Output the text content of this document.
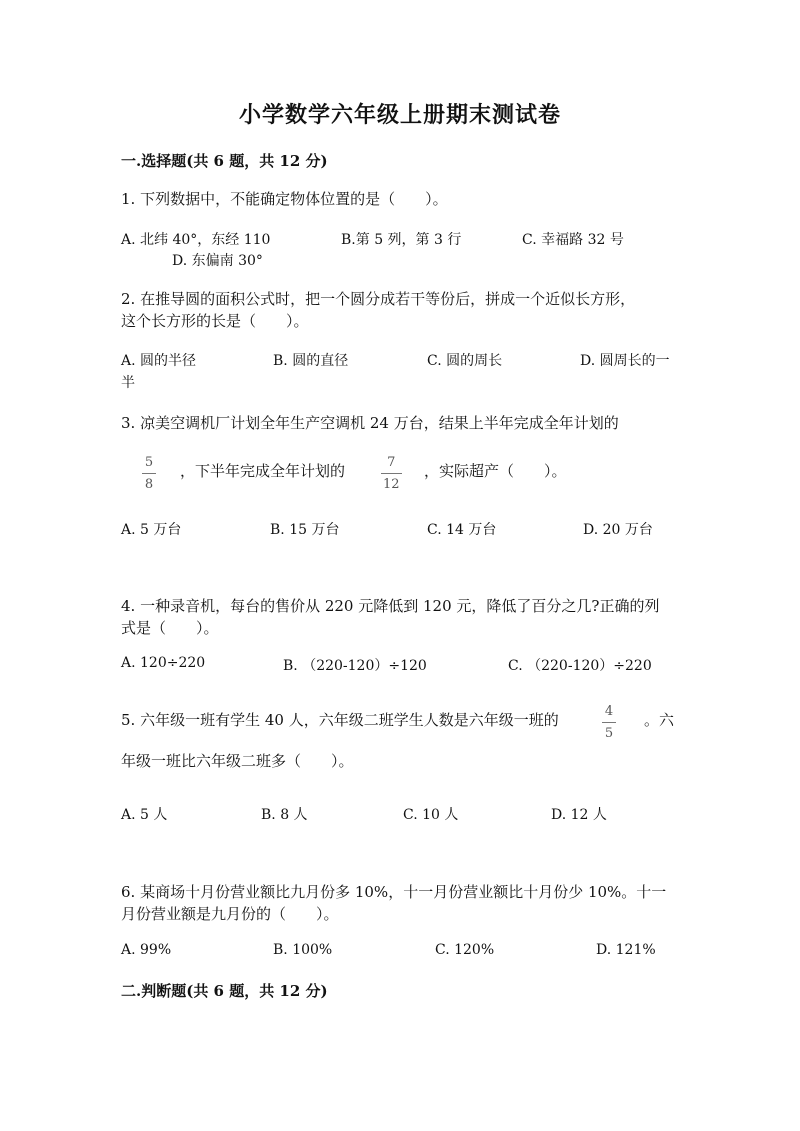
小学数学六年级上册期末测试卷
一.选择题(共 6 题，共 12 分)
1. 下列数据中，不能确定物体位置的是（　　）。
A. 北纬 40°，东经 110	B.第 5 列，第 3 行	C. 幸福路 32 号
D. 东偏南 30°
2. 在推导圆的面积公式时，把一个圆分成若干等份后，拼成一个近似长方形，
这个长方形的长是（　　）。
A. 圆的半径	B. 圆的直径	C. 圆的周长	D. 圆周长的一
半
3. 凉美空调机厂计划全年生产空调机 24 万台，结果上半年完成全年计划的
5
8
，下半年完成全年计划的	7
12
，实际超产（　　）。
A. 5 万台	B. 15 万台	C. 14 万台	D. 20 万台
4. 一种录音机，每台的售价从 220 元降低到 120 元，降低了百分之几?正确的列
式是（　　）。
A. 120÷220	B. （220-120）÷120	C. （220-120）÷220
5. 六年级一班有学生 40 人，六年级二班学生人数是六年级一班的	4
5
。六
年级一班比六年级二班多（　　）。
A. 5 人	B. 8 人	C. 10 人	D. 12 人
6. 某商场十月份营业额比九月份多 10%，十一月份营业额比十月份少 10%。十一
月份营业额是九月份的（　　）。
A. 99%	B. 100%	C. 120%	D. 121%
二.判断题(共 6 题，共 12 分)
